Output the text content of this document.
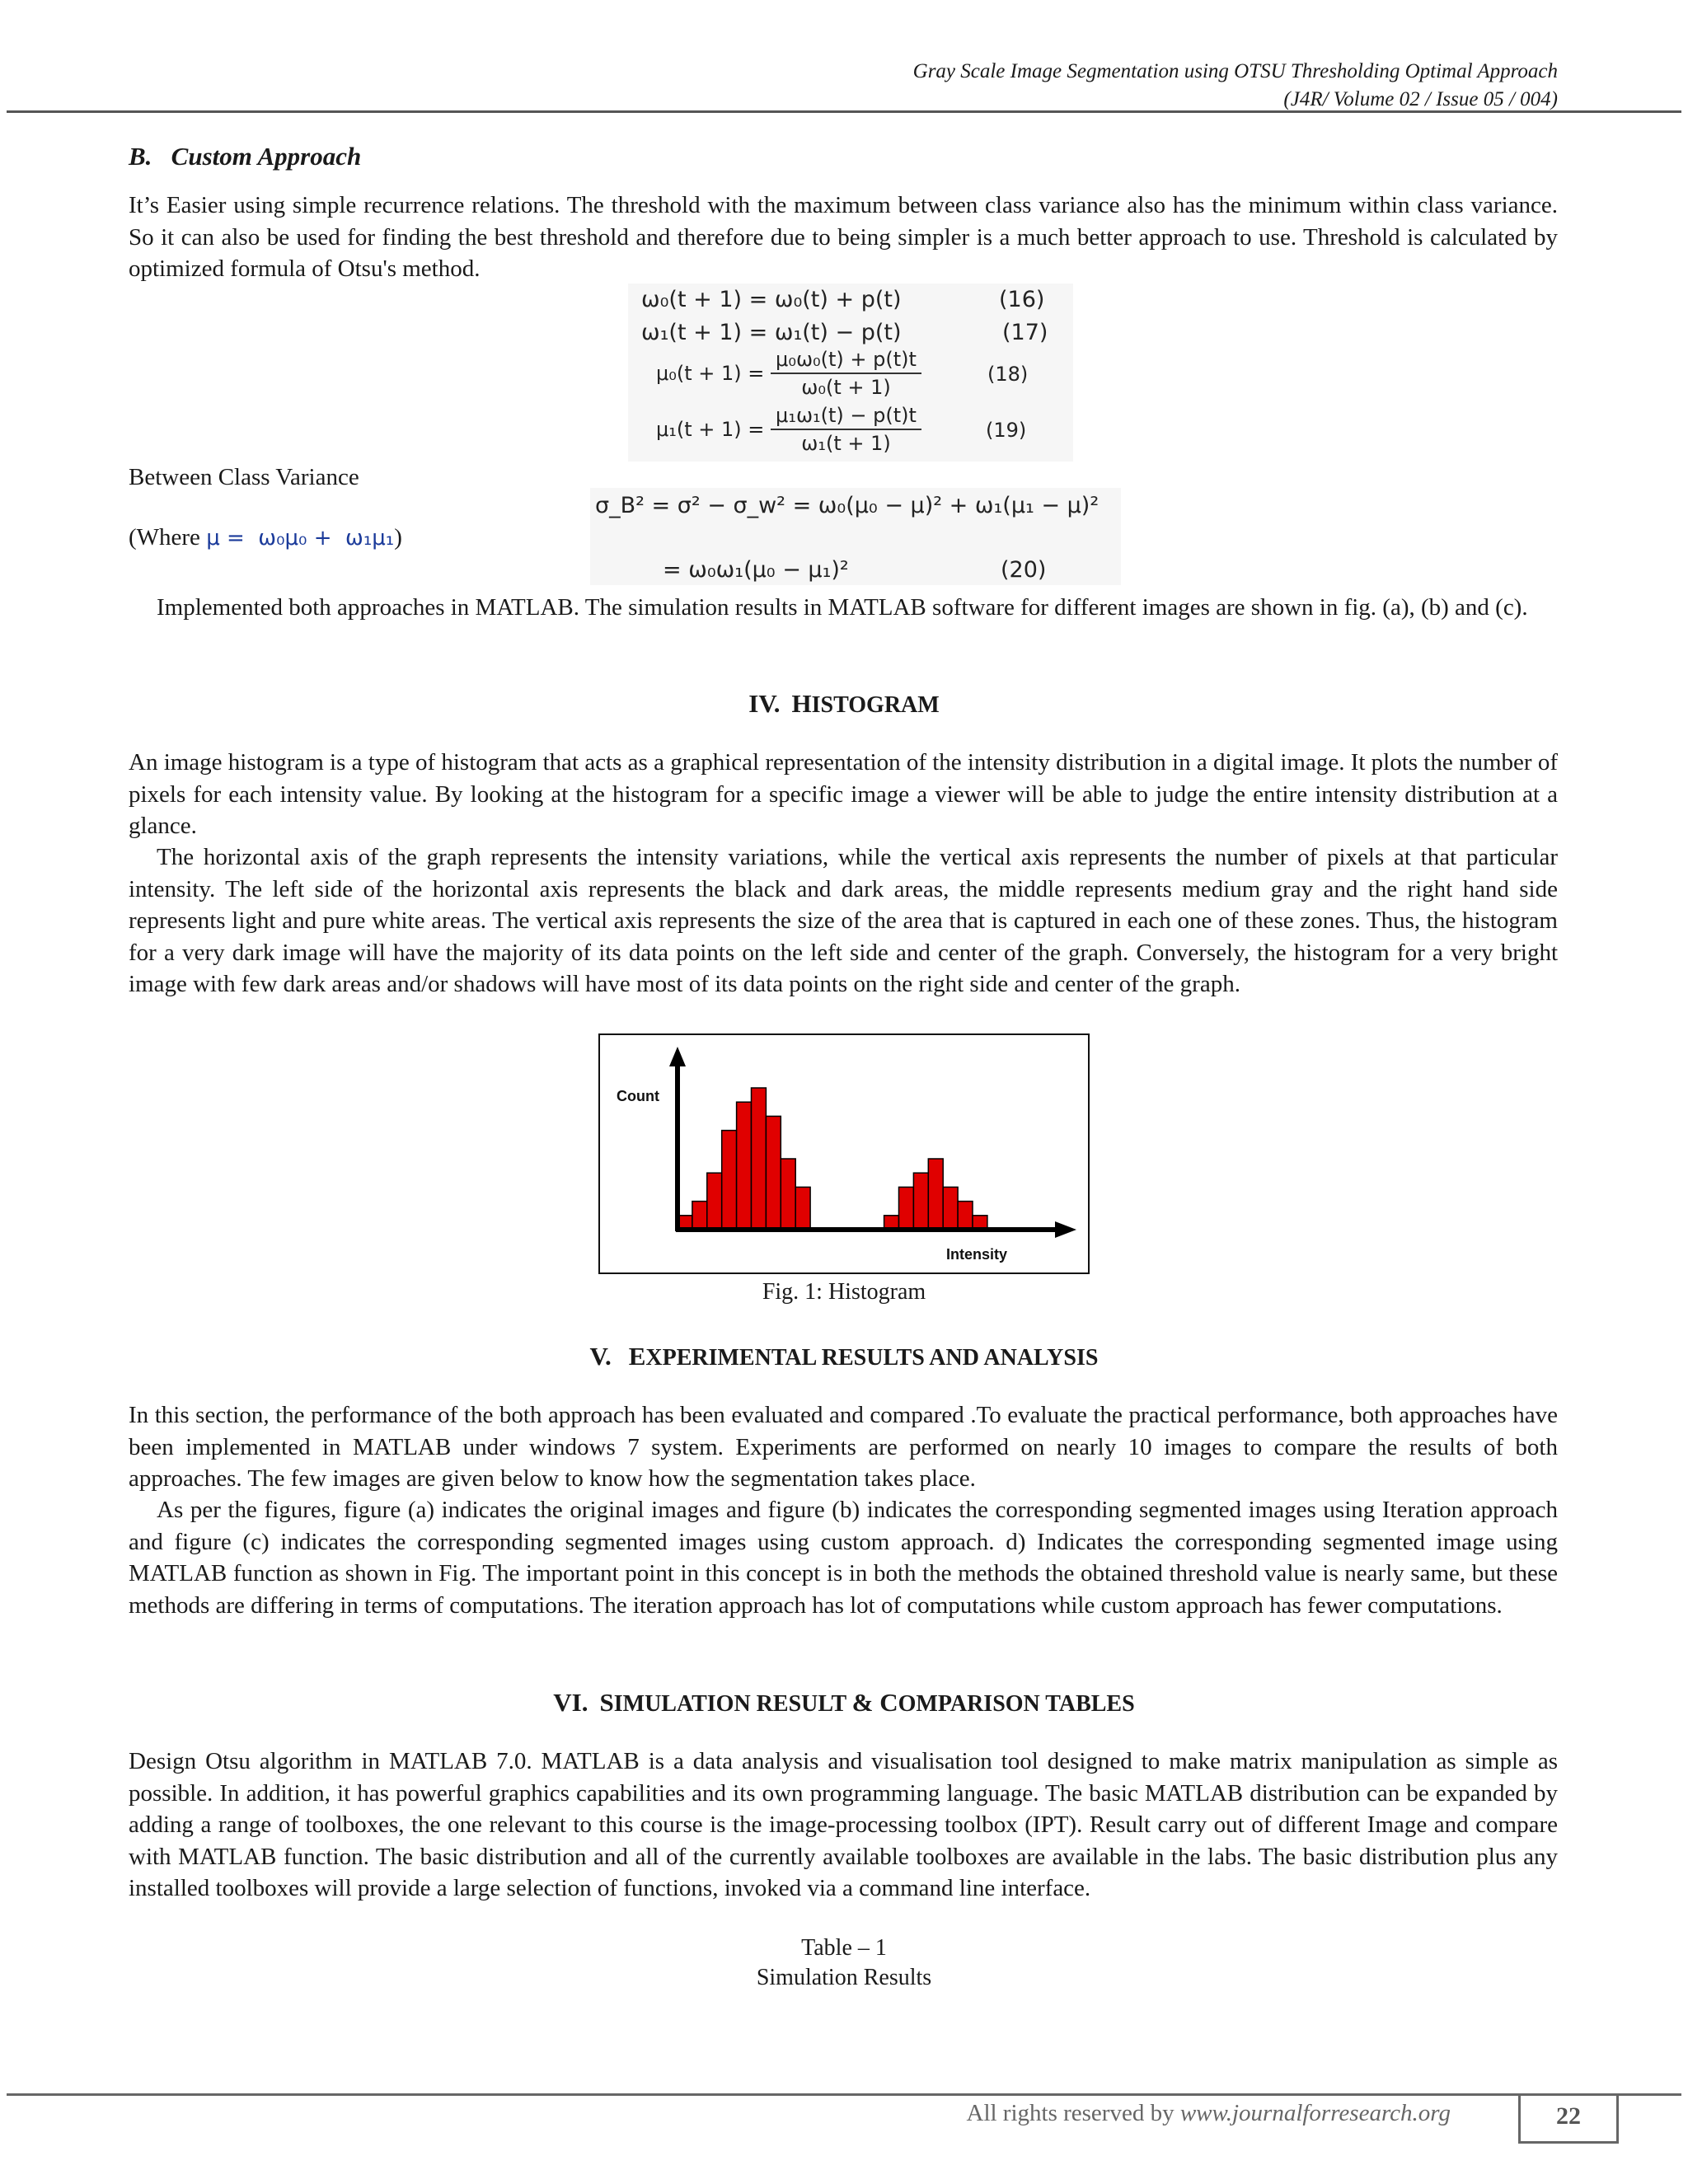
Gray Scale Image Segmentation using OTSU Thresholding Optimal Approach
(J4R/ Volume 02 / Issue 05 / 004)
B.   Custom Approach
It’s Easier using simple recurrence relations. The threshold with the maximum between class variance also has the minimum within class variance. So it can also be used for finding the best threshold and therefore due to being simpler is a much better approach to use. Threshold is calculated by optimized formula of Otsu's method.
ω₀(t + 1) = ω₀(t) + p(t)	(16)
ω₁(t + 1) = ω₁(t) − p(t)	(17)
$\mu_0(t + 1) = \frac{\text{μ₀ω₀(t) + p(t)t}}{\text{ω₀(t + 1)}}$	(18)
$\mu_1(t + 1) = \frac{\text{μ₁ω₁(t) − p(t)t}}{\text{ω₁(t + 1)}}$	(19)
Between Class Variance
σ_B² = σ² − σ_w² = ω₀(μ₀ − μ)² + ω₁(μ₁ − μ)²
= ω₀ω₁(μ₀ − μ₁)²	(20)
(Where μ =  ω₀μ₀ +  ω₁μ₁)
Implemented both approaches in MATLAB. The simulation results in MATLAB software for different images are shown in fig. (a), (b) and (c).
IV. HISTOGRAM
An image histogram is a type of histogram that acts as a graphical representation of the intensity distribution in a digital image. It plots the number of pixels for each intensity value. By looking at the histogram for a specific image a viewer will be able to judge the entire intensity distribution at a glance.
The horizontal axis of the graph represents the intensity variations, while the vertical axis represents the number of pixels at that particular intensity. The left side of the horizontal axis represents the black and dark areas, the middle represents medium gray and the right hand side represents light and pure white areas. The vertical axis represents the size of the area that is captured in each one of these zones. Thus, the histogram for a very dark image will have the majority of its data points on the left side and center of the graph. Conversely, the histogram for a very bright image with few dark areas and/or shadows will have most of its data points on the right side and center of the graph.
Count
Intensity
Fig. 1: Histogram
V. EXPERIMENTAL RESULTS AND ANALYSIS
In this section, the performance of the both approach has been evaluated and compared .To evaluate the practical performance, both approaches have been implemented in MATLAB under windows 7 system. Experiments are performed on nearly 10 images to compare the results of both approaches. The few images are given below to know how the segmentation takes place.
As per the figures, figure (a) indicates the original images and figure (b) indicates the corresponding segmented images using Iteration approach and figure (c) indicates the corresponding segmented images using custom approach. d) Indicates the corresponding segmented image using MATLAB function as shown in Fig. The important point in this concept is in both the methods the obtained threshold value is nearly same, but these methods are differing in terms of computations. The iteration approach has lot of computations while custom approach has fewer computations.
VI. SIMULATION RESULT & COMPARISON TABLES
Design Otsu algorithm in MATLAB 7.0. MATLAB is a data analysis and visualisation tool designed to make matrix manipulation as simple as possible. In addition, it has powerful graphics capabilities and its own programming language. The basic MATLAB distribution can be expanded by adding a range of toolboxes, the one relevant to this course is the image-processing toolbox (IPT). Result carry out of different Image and compare with MATLAB function. The basic distribution and all of the currently available toolboxes are available in the labs. The basic distribution plus any installed toolboxes will provide a large selection of functions, invoked via a command line interface.
Table – 1
Simulation Results
All rights reserved by www.journalforresearch.org	22
